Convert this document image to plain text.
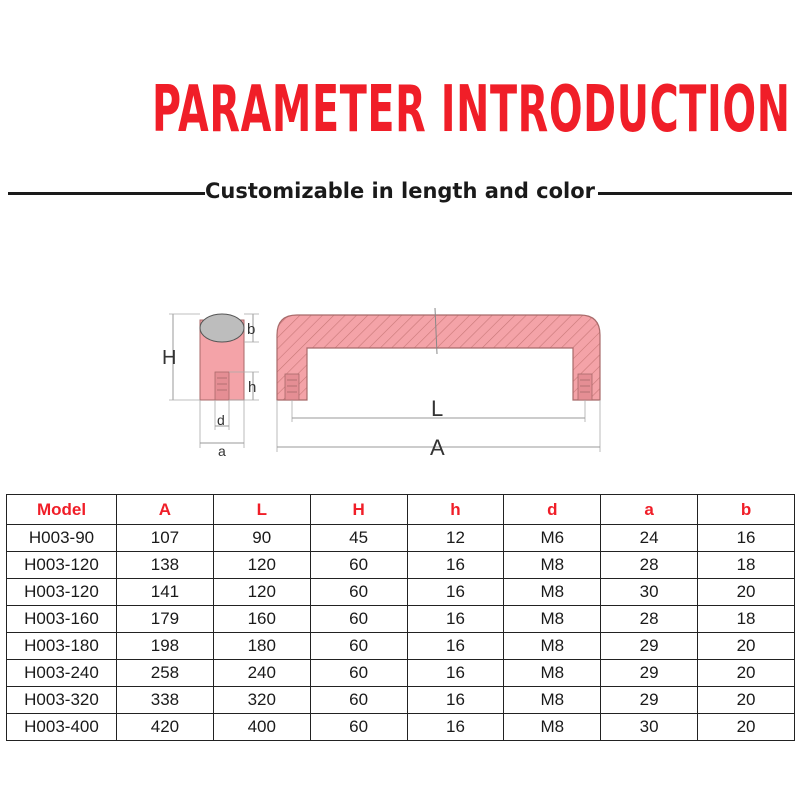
PARAMETER INTRODUCTION
Customizable in length and color
H
b
h
d
a
L
A
Model	A	L	H	h	d	a	b
H003-90	107	90	45	12	M6	24	16
H003-120	138	120	60	16	M8	28	18
H003-120	141	120	60	16	M8	30	20
H003-160	179	160	60	16	M8	28	18
H003-180	198	180	60	16	M8	29	20
H003-240	258	240	60	16	M8	29	20
H003-320	338	320	60	16	M8	29	20
H003-400	420	400	60	16	M8	30	20
